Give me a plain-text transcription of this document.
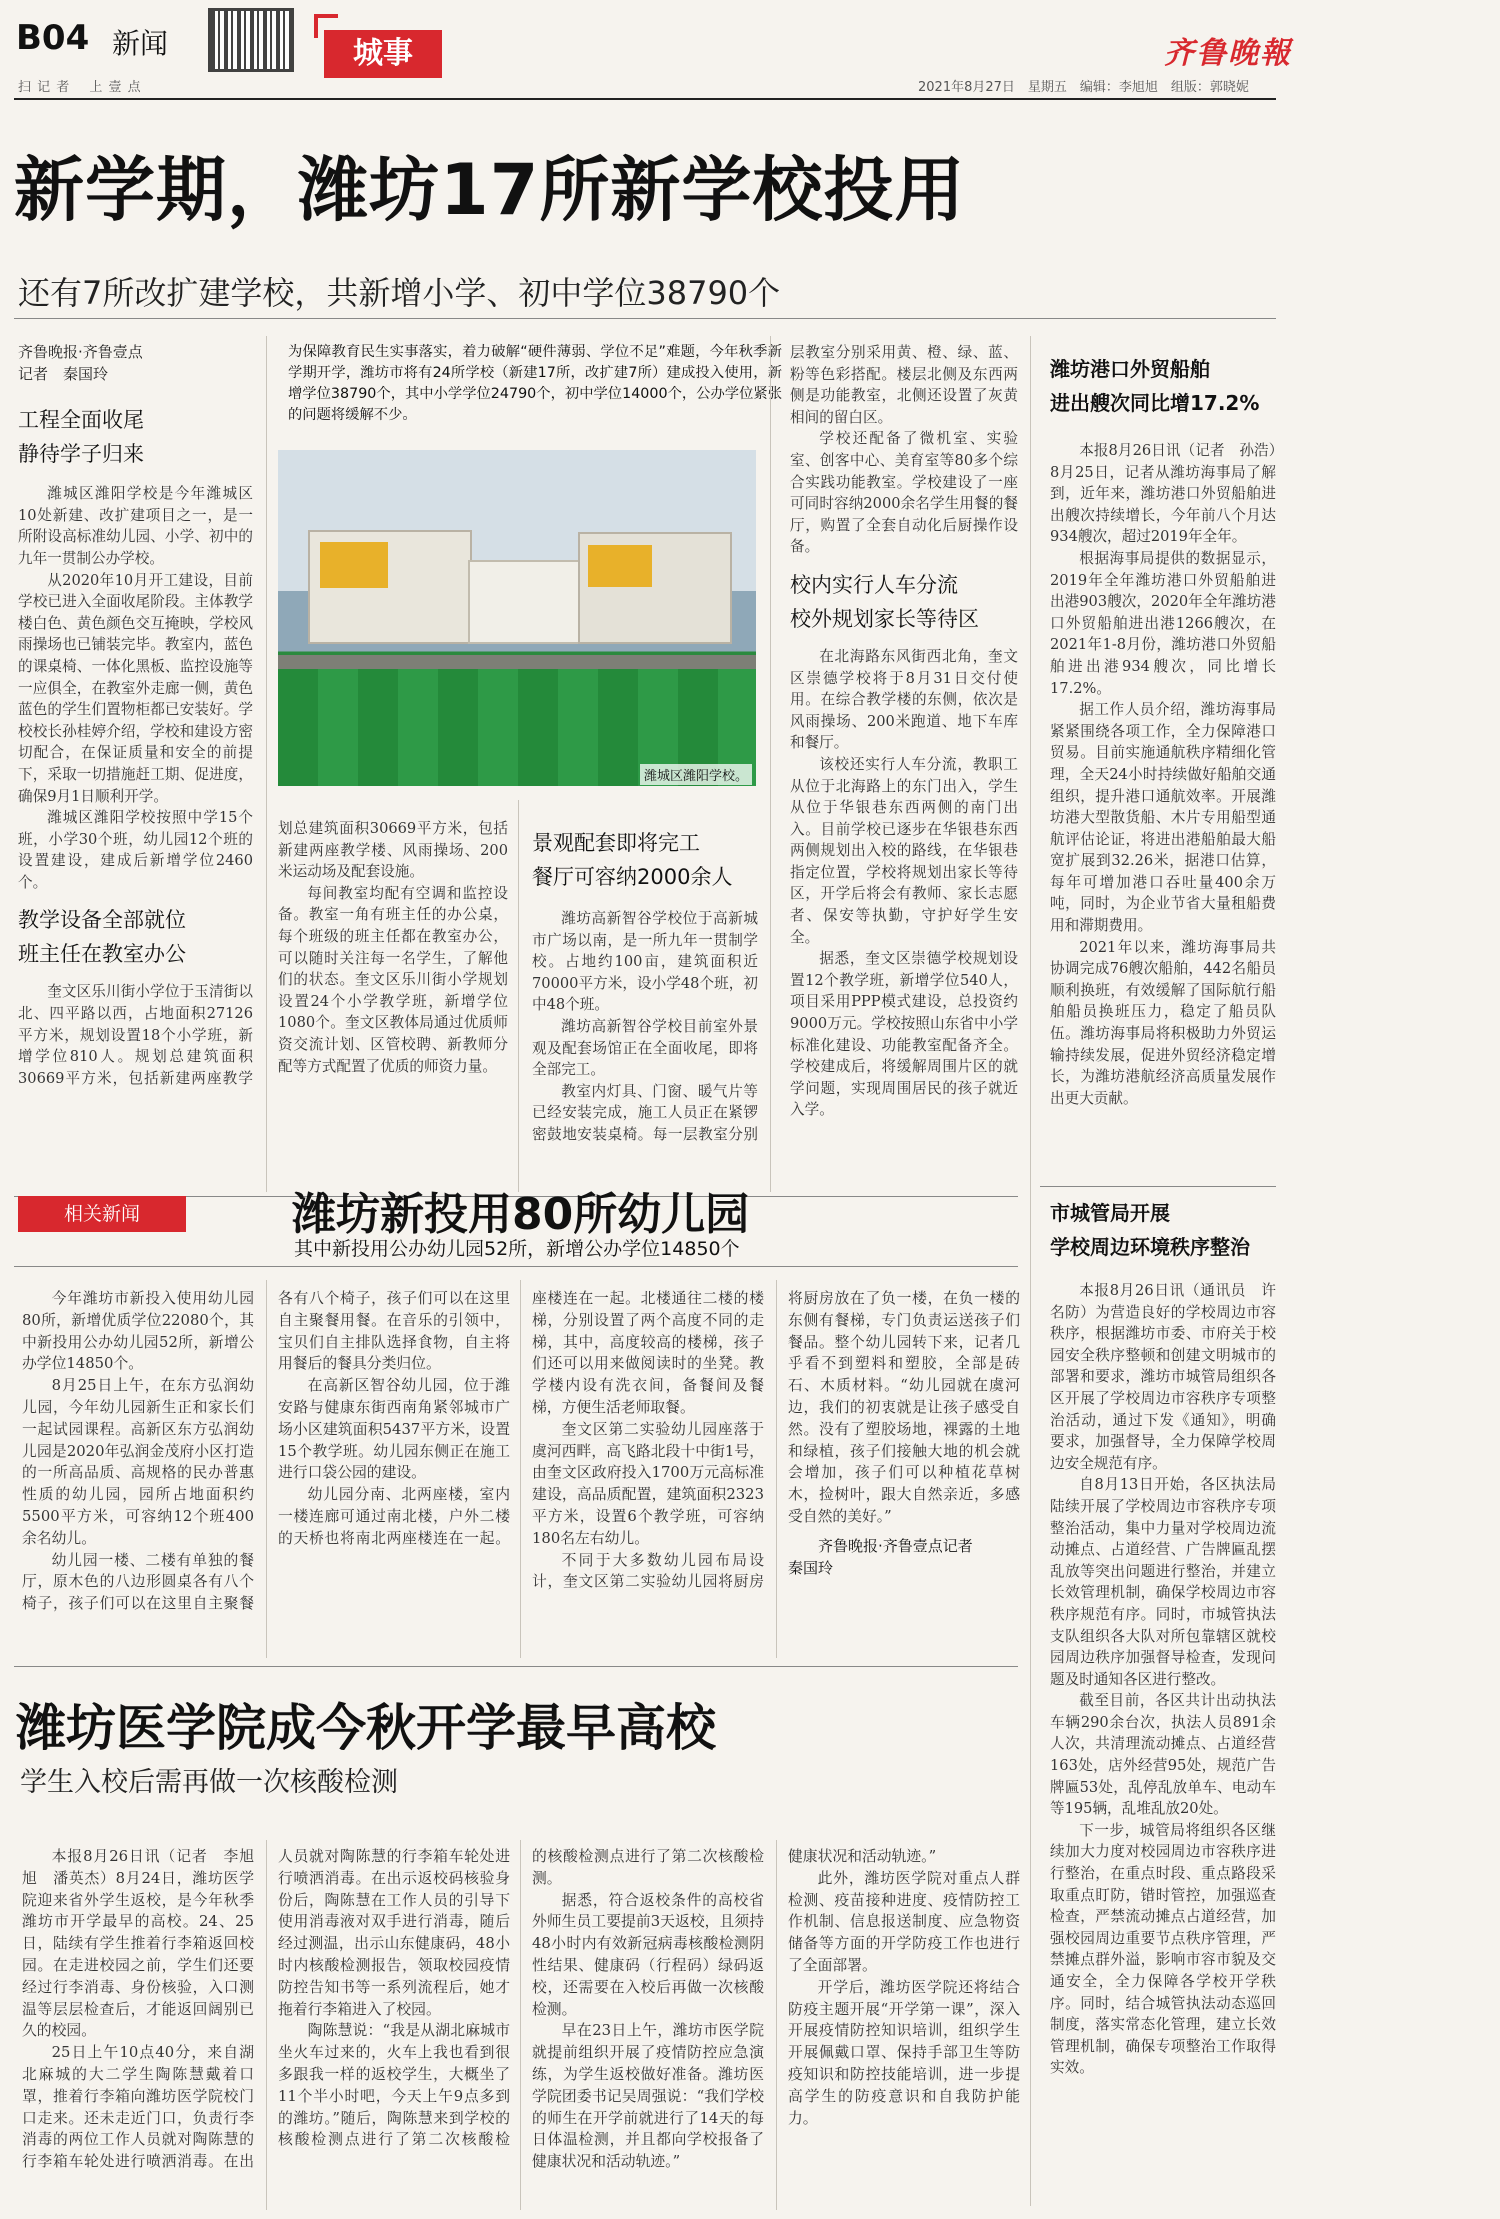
B04 新闻
扫 记 者 　上 壹 点
城事
2021年8月27日　星期五　编辑：李旭旭　组版：郭晓妮
齐鲁晚報
新学期，潍坊17所新学校投用
还有7所改扩建学校，共新增小学、初中学位38790个
齐鲁晚报·齐鲁壹点
记者　秦国玲
工程全面收尾
静待学子归来

潍城区潍阳学校是今年潍城区10处新建、改扩建项目之一，是一所附设高标准幼儿园、小学、初中的九年一贯制公办学校。

从2020年10月开工建设，目前学校已进入全面收尾阶段。主体教学楼白色、黄色颜色交互掩映，学校风雨操场也已铺装完毕。教室内，蓝色的课桌椅、一体化黑板、监控设施等一应俱全，在教室外走廊一侧，黄色蓝色的学生们置物柜都已安装好。学校校长孙桂婷介绍，学校和建设方密切配合，在保证质量和安全的前提下，采取一切措施赶工期、促进度，确保9月1日顺利开学。

潍城区潍阳学校按照中学15个班，小学30个班，幼儿园12个班的设置建设，建成后新增学位2460个。

教学设备全部就位
班主任在教室办公

奎文区乐川街小学位于玉清街以北、四平路以西，占地面积27126平方米，规划设置18个小学班，新增学位810人。规划总建筑面积30669平方米，包括新建两座教学

为保障教育民生实事落实，着力破解“硬件薄弱、学位不足”难题，今年秋季新学期开学，潍坊市将有24所学校（新建17所，改扩建7所）建成投入使用，新增学位38790个，其中小学学位24790个，初中学位14000个，公办学位紧张的问题将缓解不少。
潍城区潍阳学校。

划总建筑面积30669平方米，包括新建两座教学楼、风雨操场、200米运动场及配套设施。

每间教室均配有空调和监控设备。教室一角有班主任的办公桌，每个班级的班主任都在教室办公，可以随时关注每一名学生，了解他们的状态。奎文区乐川街小学规划设置24个小学教学班，新增学位1080个。奎文区教体局通过优质师资交流计划、区管校聘、新教师分配等方式配置了优质的师资力量。

景观配套即将完工
餐厅可容纳2000余人

潍坊高新智谷学校位于高新城市广场以南，是一所九年一贯制学校。占地约100亩，建筑面积近70000平方米，设小学48个班，初中48个班。

潍坊高新智谷学校目前室外景观及配套场馆正在全面收尾，即将全部完工。

教室内灯具、门窗、暖气片等已经安装完成，施工人员正在紧锣密鼓地安装桌椅。每一层教室分别

层教室分别采用黄、橙、绿、蓝、粉等色彩搭配。楼层北侧及东西两侧是功能教室，北侧还设置了灰黄相间的留白区。

学校还配备了微机室、实验室、创客中心、美育室等80多个综合实践功能教室。学校建设了一座可同时容纳2000余名学生用餐的餐厅，购置了全套自动化后厨操作设备。

校内实行人车分流
校外规划家长等待区

在北海路东风街西北角，奎文区崇德学校将于8月31日交付使用。在综合教学楼的东侧，依次是风雨操场、200米跑道、地下车库和餐厅。

该校还实行人车分流，教职工从位于北海路上的东门出入，学生从位于华银巷东西两侧的南门出入。目前学校已逐步在华银巷东西两侧规划出入校的路线，在华银巷指定位置，学校将规划出家长等待区，开学后将会有教师、家长志愿者、保安等执勤，守护好学生安全。

据悉，奎文区崇德学校规划设置12个教学班，新增学位540人，项目采用PPP模式建设，总投资约9000万元。学校按照山东省中小学标准化建设、功能教室配备齐全。学校建成后，将缓解周围片区的就学问题，实现周围居民的孩子就近入学。

潍坊港口外贸船舶
进出艘次同比增17.2%

本报8月26日讯（记者　孙浩）8月25日，记者从潍坊海事局了解到，近年来，潍坊港口外贸船舶进出艘次持续增长，今年前八个月达934艘次，超过2019年全年。

根据海事局提供的数据显示，2019年全年潍坊港口外贸船舶进出港903艘次，2020年全年潍坊港口外贸船舶进出港1266艘次，在2021年1-8月份，潍坊港口外贸船舶进出港934艘次，同比增长17.2%。

据工作人员介绍，潍坊海事局紧紧围绕各项工作，全力保障港口贸易。目前实施通航秩序精细化管理，全天24小时持续做好船舶交通组织，提升港口通航效率。开展潍坊港大型散货船、木片专用船型通航评估论证，将进出港船舶最大船宽扩展到32.26米，据港口估算，每年可增加港口吞吐量400余万吨，同时，为企业节省大量租船费用和滞期费用。

2021年以来，潍坊海事局共协调完成76艘次船舶，442名船员顺利换班，有效缓解了国际航行船舶船员换班压力，稳定了船员队伍。潍坊海事局将积极助力外贸运输持续发展，促进外贸经济稳定增长，为潍坊港航经济高质量发展作出更大贡献。

相关新闻	潍坊新投用80所幼儿园
其中新投用公办幼儿园52所，新增公办学位14850个

今年潍坊市新投入使用幼儿园80所，新增优质学位22080个，其中新投用公办幼儿园52所，新增公办学位14850个。

8月25日上午，在东方弘润幼儿园，今年幼儿园新生正和家长们一起试园课程。高新区东方弘润幼儿园是2020年弘润金茂府小区打造的一所高品质、高规格的民办普惠性质的幼儿园，园所占地面积约5500平方米，可容纳12个班400余名幼儿。

幼儿园一楼、二楼有单独的餐厅，原木色的八边形圆桌各有八个椅子，孩子们可以在这里自主聚餐

各有八个椅子，孩子们可以在这里自主聚餐用餐。在音乐的引领中，宝贝们自主排队选择食物，自主将用餐后的餐具分类归位。

在高新区智谷幼儿园，位于潍安路与健康东街西南角紧邻城市广场小区建筑面积5437平方米，设置15个教学班。幼儿园东侧正在施工进行口袋公园的建设。

幼儿园分南、北两座楼，室内一楼连廊可通过南北楼，户外二楼的天桥也将南北两座楼连在一起。

座楼连在一起。北楼通往二楼的楼梯，分别设置了两个高度不同的走梯，其中，高度较高的楼梯，孩子们还可以用来做阅读时的坐凳。教学楼内设有洗衣间，备餐间及餐梯，方便生活老师取餐。

奎文区第二实验幼儿园座落于虞河西畔，高飞路北段十中街1号，由奎文区政府投入1700万元高标准建设，高品质配置，建筑面积2323平方米，设置6个教学班，可容纳180名左右幼儿。

不同于大多数幼儿园布局设计，奎文区第二实验幼儿园将厨房

将厨房放在了负一楼，在负一楼的东侧有餐梯，专门负责运送孩子们餐品。整个幼儿园转下来，记者几乎看不到塑料和塑胶，全部是砖石、木质材料。“幼儿园就在虞河边，我们的初衷就是让孩子感受自然。没有了塑胶场地，裸露的土地和绿植，孩子们接触大地的机会就会增加，孩子们可以种植花草树木，捡树叶，跟大自然亲近，多感受自然的美好。”

齐鲁晚报·齐鲁壹点记者
秦国玲
市城管局开展
学校周边环境秩序整治

本报8月26日讯（通讯员　许名防）为营造良好的学校周边市容秩序，根据潍坊市委、市府关于校园安全秩序整顿和创建文明城市的部署和要求，潍坊市城管局组织各区开展了学校周边市容秩序专项整治活动，通过下发《通知》，明确要求，加强督导，全力保障学校周边安全规范有序。

自8月13日开始，各区执法局陆续开展了学校周边市容秩序专项整治活动，集中力量对学校周边流动摊点、占道经营、广告牌匾乱摆乱放等突出问题进行整治，并建立长效管理机制，确保学校周边市容秩序规范有序。同时，市城管执法支队组织各大队对所包靠辖区就校园周边秩序加强督导检查，发现问题及时通知各区进行整改。

截至目前，各区共计出动执法车辆290余台次，执法人员891余人次，共清理流动摊点、占道经营163处，店外经营95处，规范广告牌匾53处，乱停乱放单车、电动车等195辆，乱堆乱放20处。

下一步，城管局将组织各区继续加大力度对校园周边市容秩序进行整治，在重点时段、重点路段采取重点盯防，错时管控，加强巡查检查，严禁流动摊点占道经营，加强校园周边重要节点秩序管理，严禁摊点群外溢，影响市容市貌及交通安全，全力保障各学校开学秩序。同时，结合城管执法动态巡回制度，落实常态化管理，建立长效管理机制，确保专项整治工作取得实效。

潍坊医学院成今秋开学最早高校
学生入校后需再做一次核酸检测

本报8月26日讯（记者　李旭旭　潘英杰）8月24日，潍坊医学院迎来省外学生返校，是今年秋季潍坊市开学最早的高校。24、25日，陆续有学生推着行李箱返回校园。在走进校园之前，学生们还要经过行李消毒、身份核验，入口测温等层层检查后，才能返回阔别已久的校园。

25日上午10点40分，来自湖北麻城的大二学生陶陈慧戴着口罩，推着行李箱向潍坊医学院校门口走来。还未走近门口，负责行李消毒的两位工作人员就对陶陈慧的行李箱车轮处进行喷洒消毒。在出

人员就对陶陈慧的行李箱车轮处进行喷洒消毒。在出示返校码核验身份后，陶陈慧在工作人员的引导下使用消毒液对双手进行消毒，随后经过测温，出示山东健康码，48小时内核酸检测报告，领取校园疫情防控告知书等一系列流程后，她才拖着行李箱进入了校园。

陶陈慧说：“我是从湖北麻城市坐火车过来的，火车上我也看到很多跟我一样的返校学生，大概坐了11个半小时吧，今天上午9点多到的潍坊。”随后，陶陈慧来到学校的核酸检测点进行了第二次核酸检

的核酸检测点进行了第二次核酸检测。

据悉，符合返校条件的高校省外师生员工要提前3天返校，且须持48小时内有效新冠病毒核酸检测阴性结果、健康码（行程码）绿码返校，还需要在入校后再做一次核酸检测。

早在23日上午，潍坊市医学院就提前组织开展了疫情防控应急演练，为学生返校做好准备。潍坊医学院团委书记吴周强说：“我们学校的师生在开学前就进行了14天的每日体温检测，并且都向学校报备了健康状况和活动轨迹。”

健康状况和活动轨迹。”

此外，潍坊医学院对重点人群检测、疫苗接种进度、疫情防控工作机制、信息报送制度、应急物资储备等方面的开学防疫工作也进行了全面部署。

开学后，潍坊医学院还将结合防疫主题开展“开学第一课”，深入开展疫情防控知识培训，组织学生开展佩戴口罩、保持手部卫生等防疫知识和防控技能培训，进一步提高学生的防疫意识和自我防护能力。
